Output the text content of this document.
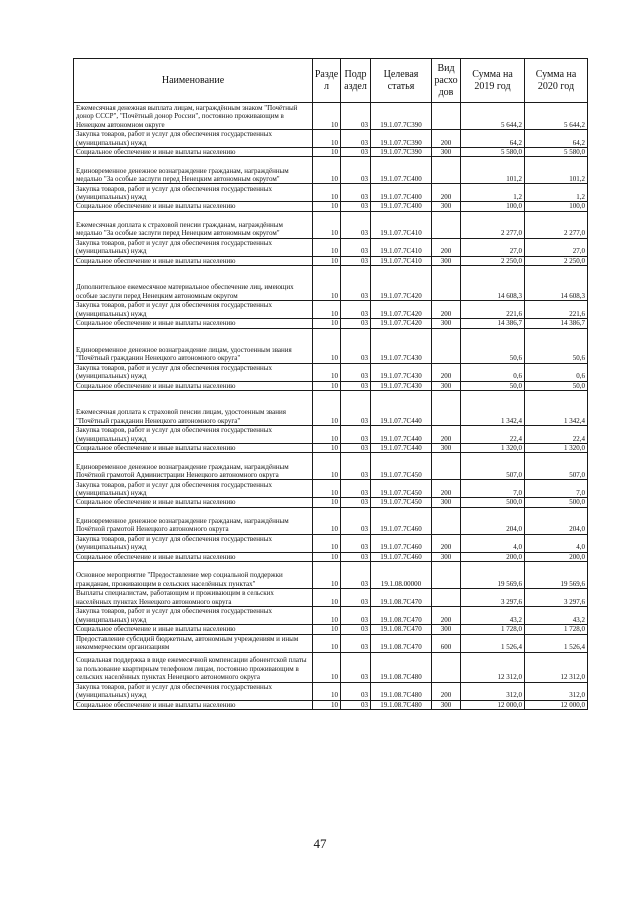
Наименование	Разде л	Подр аздел	Целевая статья	Вид расхо дов	Сумма на 2019 год	Сумма на 2020 год
Ежемесячная денежная выплата лицам, награждённым знаком "Почётный донор СССР", "Почётный донор России", постоянно проживающим в Ненецком автономном округе	10	03	19.1.07.7С390		5 644,2	5 644,2
Закупка товаров, работ и услуг для обеспечения государственных (муниципальных) нужд	10	03	19.1.07.7С390	200	64,2	64,2
Социальное обеспечение и иные выплаты населению	10	03	19.1.07.7С390	300	5 580,0	5 580,0
Единовременное денежное вознаграждение гражданам, награждённым медалью "За особые заслуги перед Ненецким автономным округом"	10	03	19.1.07.7С400		101,2	101,2
Закупка товаров, работ и услуг для обеспечения государственных (муниципальных) нужд	10	03	19.1.07.7С400	200	1,2	1,2
Социальное обеспечение и иные выплаты населению	10	03	19.1.07.7С400	300	100,0	100,0
Ежемесячная доплата к страховой пенсии гражданам, награждённым медалью "За особые заслуги перед Ненецким автономным округом"	10	03	19.1.07.7С410		2 277,0	2 277,0
Закупка товаров, работ и услуг для обеспечения государственных (муниципальных) нужд	10	03	19.1.07.7С410	200	27,0	27,0
Социальное обеспечение и иные выплаты населению	10	03	19.1.07.7С410	300	2 250,0	2 250,0
Дополнительное ежемесячное материальное обеспечение лиц, имеющих особые заслуги перед Ненецким автономным округом	10	03	19.1.07.7С420		14 608,3	14 608,3
Закупка товаров, работ и услуг для обеспечения государственных (муниципальных) нужд	10	03	19.1.07.7С420	200	221,6	221,6
Социальное обеспечение и иные выплаты населению	10	03	19.1.07.7С420	300	14 386,7	14 386,7
Единовременное денежное вознаграждение лицам, удостоенным звания "Почётный гражданин Ненецкого автономного округа"	10	03	19.1.07.7С430		50,6	50,6
Закупка товаров, работ и услуг для обеспечения государственных (муниципальных) нужд	10	03	19.1.07.7С430	200	0,6	0,6
Социальное обеспечение и иные выплаты населению	10	03	19.1.07.7С430	300	50,0	50,0
Ежемесячная доплата к страховой пенсии лицам, удостоенным звания "Почётный гражданин Ненецкого автономного округа"	10	03	19.1.07.7С440		1 342,4	1 342,4
Закупка товаров, работ и услуг для обеспечения государственных (муниципальных) нужд	10	03	19.1.07.7С440	200	22,4	22,4
Социальное обеспечение и иные выплаты населению	10	03	19.1.07.7С440	300	1 320,0	1 320,0
Единовременное денежное вознаграждение гражданам, награждённым Почётной грамотой Администрации Ненецкого автономного округа	10	03	19.1.07.7С450		507,0	507,0
Закупка товаров, работ и услуг для обеспечения государственных (муниципальных) нужд	10	03	19.1.07.7С450	200	7,0	7,0
Социальное обеспечение и иные выплаты населению	10	03	19.1.07.7С450	300	500,0	500,0
Единовременное денежное вознаграждение гражданам, награждённым Почётной грамотой Ненецкого автономного округа	10	03	19.1.07.7С460		204,0	204,0
Закупка товаров, работ и услуг для обеспечения государственных (муниципальных) нужд	10	03	19.1.07.7С460	200	4,0	4,0
Социальное обеспечение и иные выплаты населению	10	03	19.1.07.7С460	300	200,0	200,0
Основное мероприятие "Предоставление мер социальной поддержки гражданам, проживающим в сельских населённых пунктах"	10	03	19.1.08.00000		19 569,6	19 569,6
Выплаты специалистам, работающим и проживающим в сельских населённых пунктах Ненецкого автономного округа	10	03	19.1.08.7С470		3 297,6	3 297,6
Закупка товаров, работ и услуг для обеспечения государственных (муниципальных) нужд	10	03	19.1.08.7С470	200	43,2	43,2
Социальное обеспечение и иные выплаты населению	10	03	19.1.08.7С470	300	1 728,0	1 728,0
Предоставление субсидий бюджетным, автономным учреждениям и иным некоммерческим организациям	10	03	19.1.08.7С470	600	1 526,4	1 526,4
Социальная поддержка в виде ежемесячной компенсации абонентской платы за пользование квартирным телефоном лицам, постоянно проживающим в сельских населённых пунктах Ненецкого автономного округа	10	03	19.1.08.7С480		12 312,0	12 312,0
Закупка товаров, работ и услуг для обеспечения государственных (муниципальных) нужд	10	03	19.1.08.7С480	200	312,0	312,0
Социальное обеспечение и иные выплаты населению	10	03	19.1.08.7С480	300	12 000,0	12 000,0
47
